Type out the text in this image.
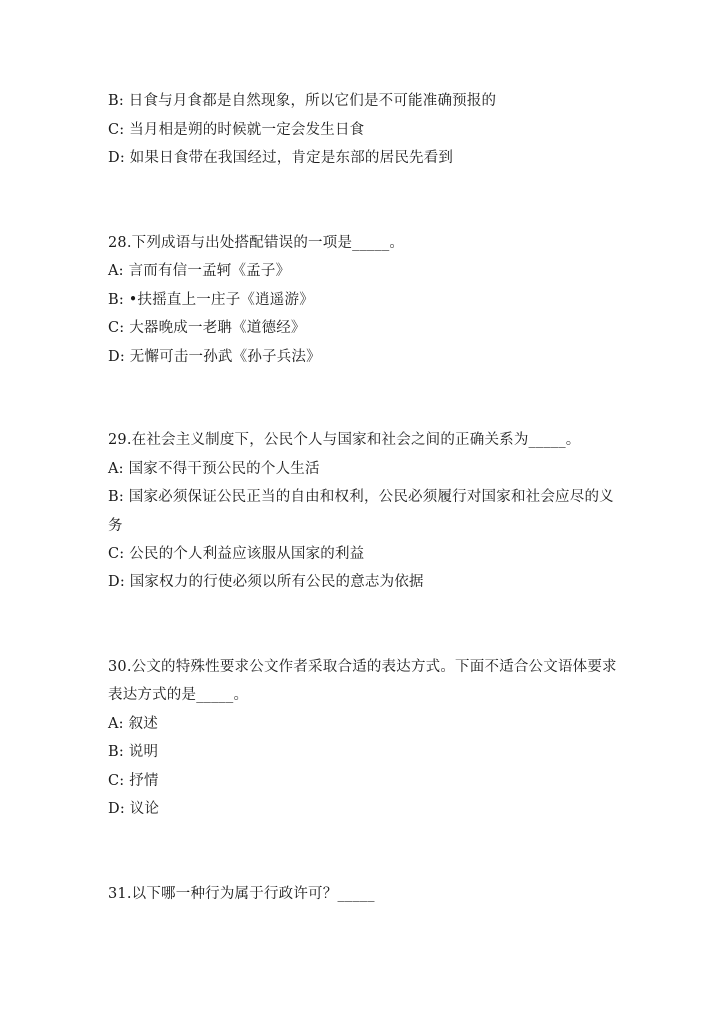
B: 日食与月食都是自然现象，所以它们是不可能准确预报的
C: 当月相是朔的时候就一定会发生日食
D: 如果日食带在我国经过，肯定是东部的居民先看到
28.下列成语与出处搭配错误的一项是_____。
A: 言而有信一孟轲《孟子》
B: •扶摇直上一庄子《逍遥游》
C: 大器晚成一老聃《道德经》
D: 无懈可击一孙武《孙子兵法》
29.在社会主义制度下，公民个人与国家和社会之间的正确关系为_____。
A: 国家不得干预公民的个人生活
B: 国家必须保证公民正当的自由和权利，公民必须履行对国家和社会应尽的义
务
C: 公民的个人利益应该服从国家的利益
D: 国家权力的行使必须以所有公民的意志为依据
30.公文的特殊性要求公文作者采取合适的表达方式。下面不适合公文语体要求
表达方式的是_____。
A: 叙述
B: 说明
C: 抒情
D: 议论
31.以下哪一种行为属于行政许可？_____
